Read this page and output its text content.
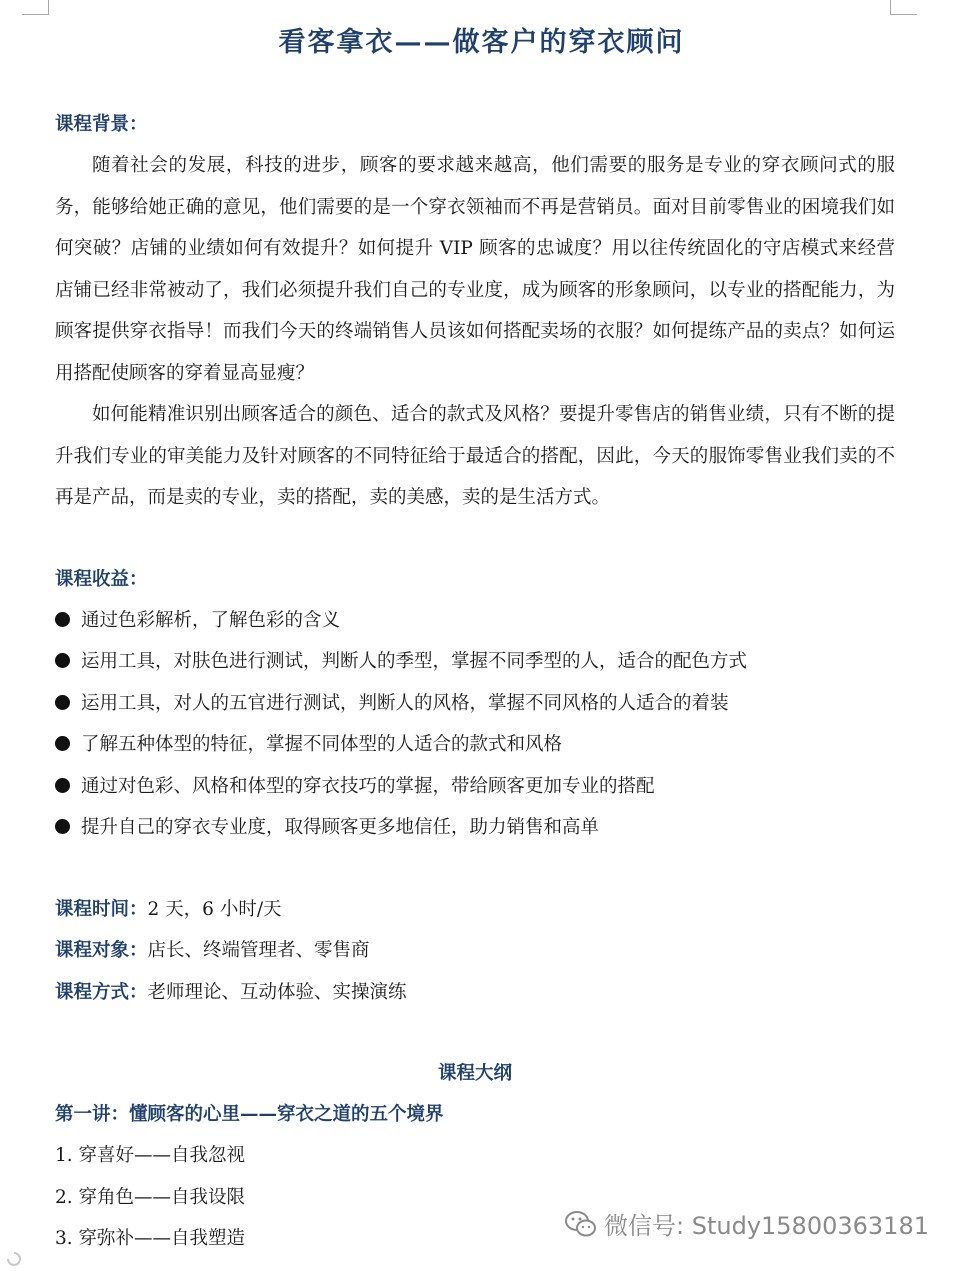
看客拿衣——做客户的穿衣顾问
课程背景：

随着社会的发展，科技的进步，顾客的要求越来越高，他们需要的服务是专业的穿衣顾问式的服务，能够给她正确的意见，他们需要的是一个穿衣领袖而不再是营销员。面对目前零售业的困境我们如何突破？店铺的业绩如何有效提升？如何提升 VIP 顾客的忠诚度？用以往传统固化的守店模式来经营店铺已经非常被动了，我们必须提升我们自己的专业度，成为顾客的形象顾问，以专业的搭配能力，为顾客提供穿衣指导！而我们今天的终端销售人员该如何搭配卖场的衣服？如何提练产品的卖点？如何运用搭配使顾客的穿着显高显瘦？

如何能精准识别出顾客适合的颜色、适合的款式及风格？要提升零售店的销售业绩，只有不断的提升我们专业的审美能力及针对顾客的不同特征给于最适合的搭配，因此，今天的服饰零售业我们卖的不再是产品，而是卖的专业，卖的搭配，卖的美感，卖的是生活方式。

课程收益：
通过色彩解析，了解色彩的含义
运用工具，对肤色进行测试，判断人的季型，掌握不同季型的人，适合的配色方式
运用工具，对人的五官进行测试，判断人的风格，掌握不同风格的人适合的着装
了解五种体型的特征，掌握不同体型的人适合的款式和风格
通过对色彩、风格和体型的穿衣技巧的掌握，带给顾客更加专业的搭配
提升自己的穿衣专业度，取得顾客更多地信任，助力销售和高单
课程时间：2 天，6 小时/天
课程对象：店长、终端管理者、零售商
课程方式：老师理论、互动体验、实操演练
课程大纲
第一讲：懂顾客的心里——穿衣之道的五个境界
1. 穿喜好——自我忽视
2. 穿角色——自我设限
3. 穿弥补——自我塑造	微信号: Study15800363181
